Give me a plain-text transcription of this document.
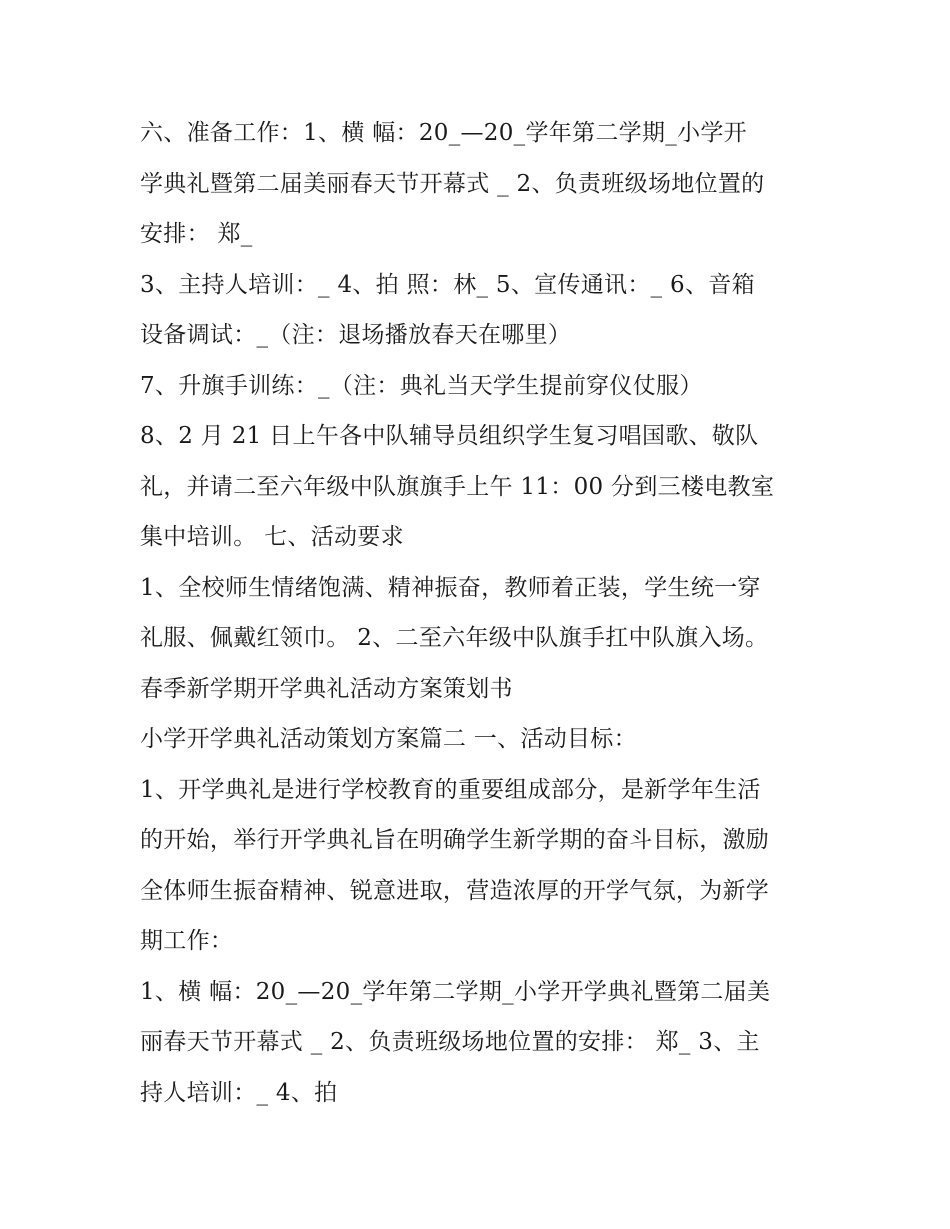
六、准备工作：1、横 幅：20_—20_学年第二学期_小学开
学典礼暨第二届美丽春天节开幕式 _ 2、负责班级场地位置的
安排： 郑_
3、主持人培训：_ 4、拍 照：林_ 5、宣传通讯：_ 6、音箱
设备调试：_（注：退场播放春天在哪里）
7、升旗手训练：_（注：典礼当天学生提前穿仪仗服）
8、2 月 21 日上午各中队辅导员组织学生复习唱国歌、敬队
礼，并请二至六年级中队旗旗手上午 11：00 分到三楼电教室
集中培训。 七、活动要求
1、全校师生情绪饱满、精神振奋，教师着正装，学生统一穿
礼服、佩戴红领巾。 2、二至六年级中队旗手扛中队旗入场。
春季新学期开学典礼活动方案策划书
小学开学典礼活动策划方案篇二 一、活动目标：
1、开学典礼是进行学校教育的重要组成部分，是新学年生活
的开始，举行开学典礼旨在明确学生新学期的奋斗目标，激励
全体师生振奋精神、锐意进取，营造浓厚的开学气氛，为新学
期工作：
1、横 幅：20_—20_学年第二学期_小学开学典礼暨第二届美
丽春天节开幕式 _ 2、负责班级场地位置的安排： 郑_ 3、主
持人培训：_ 4、拍
